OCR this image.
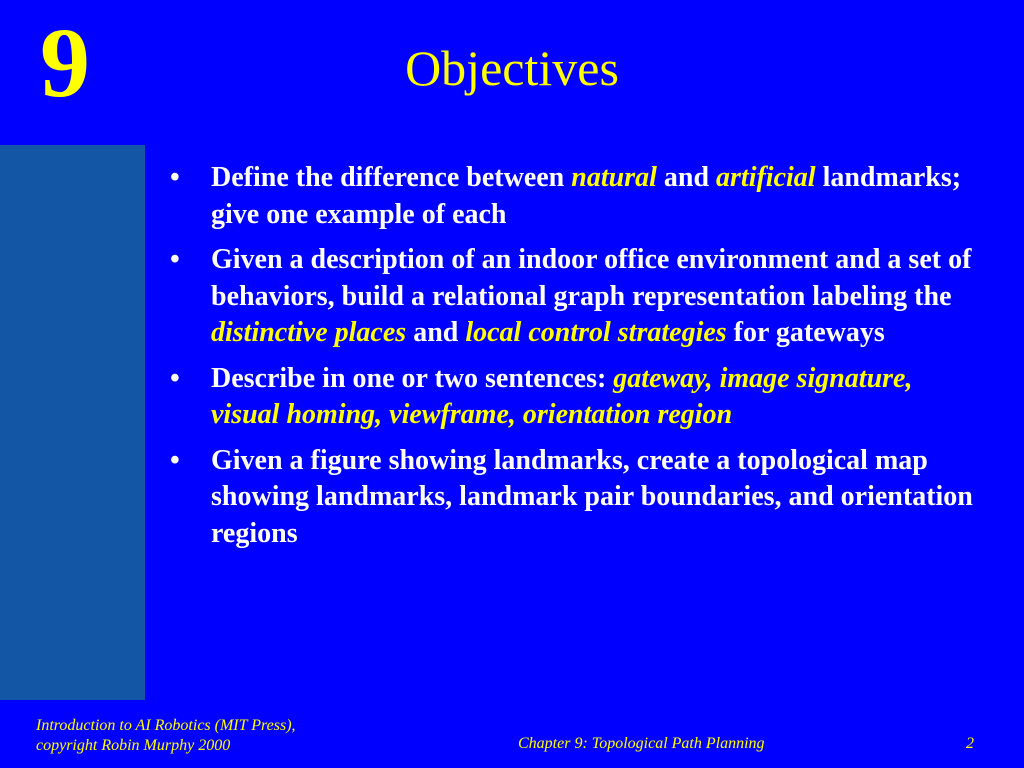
9	Objectives
• Define the difference between natural and artificial landmarks; give one example of each
• Given a description of an indoor office environment and a set of behaviors, build a relational graph representation labeling the distinctive places and local control strategies for gateways
• Describe in one or two sentences: gateway, image signature, visual homing, viewframe, orientation region
• Given a figure showing landmarks, create a topological map showing landmarks, landmark pair boundaries, and orientation regions
Introduction to AI Robotics (MIT Press),
copyright Robin Murphy 2000	Chapter 9: Topological Path Planning	2
